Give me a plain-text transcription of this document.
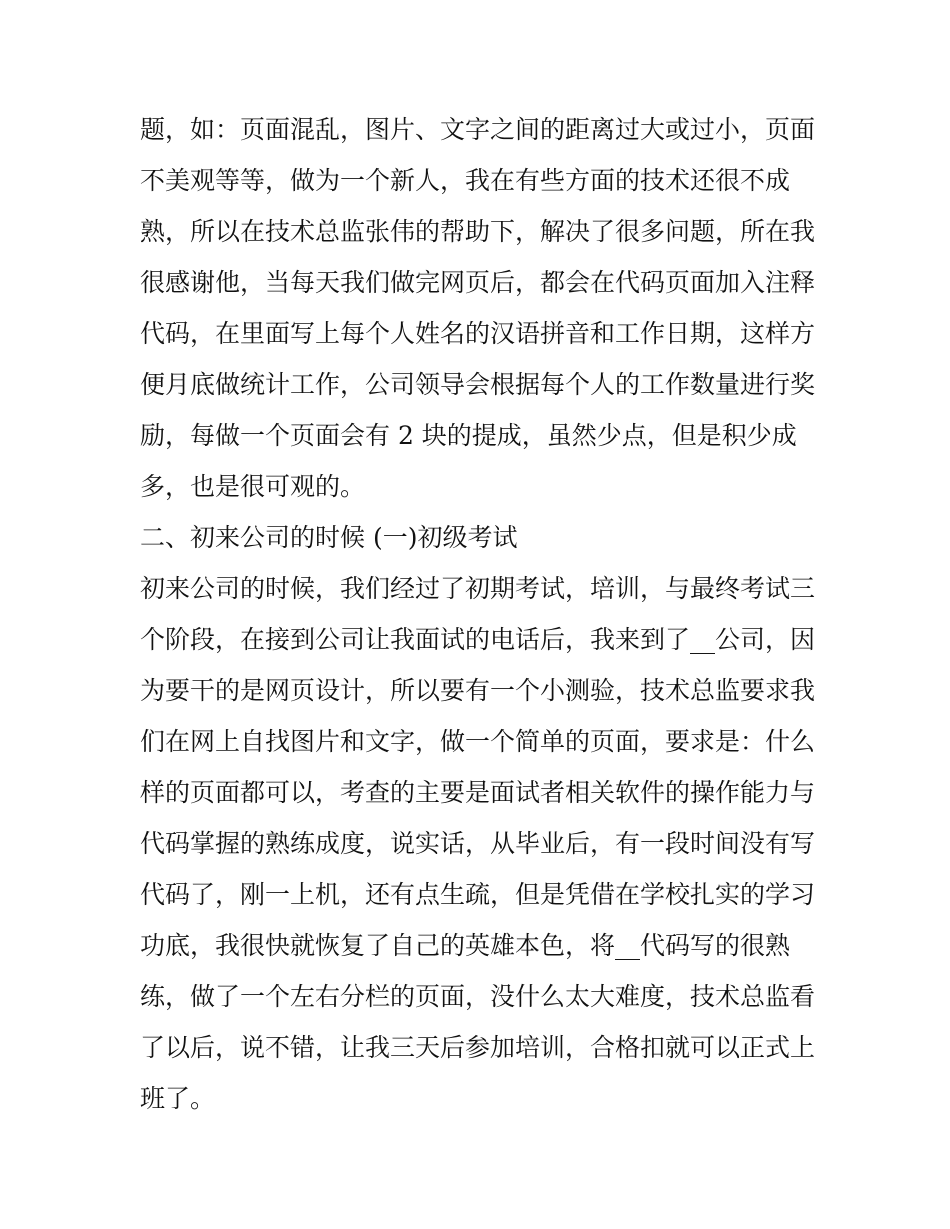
题，如：页面混乱，图片、文字之间的距离过大或过小，页面
不美观等等，做为一个新人，我在有些方面的技术还很不成
熟，所以在技术总监张伟的帮助下，解决了很多问题，所在我
很感谢他，当每天我们做完网页后，都会在代码页面加入注释
代码，在里面写上每个人姓名的汉语拼音和工作日期，这样方
便月底做统计工作，公司领导会根据每个人的工作数量进行奖
励，每做一个页面会有 2 块的提成，虽然少点，但是积少成
多，也是很可观的。
二、初来公司的时候 (一)初级考试
初来公司的时候，我们经过了初期考试，培训，与最终考试三
个阶段，在接到公司让我面试的电话后，我来到了__公司，因
为要干的是网页设计，所以要有一个小测验，技术总监要求我
们在网上自找图片和文字，做一个简单的页面，要求是：什么
样的页面都可以，考查的主要是面试者相关软件的操作能力与
代码掌握的熟练成度，说实话，从毕业后，有一段时间没有写
代码了，刚一上机，还有点生疏，但是凭借在学校扎实的学习
功底，我很快就恢复了自己的英雄本色，将__代码写的很熟
练，做了一个左右分栏的页面，没什么太大难度，技术总监看
了以后，说不错，让我三天后参加培训，合格扣就可以正式上
班了。
